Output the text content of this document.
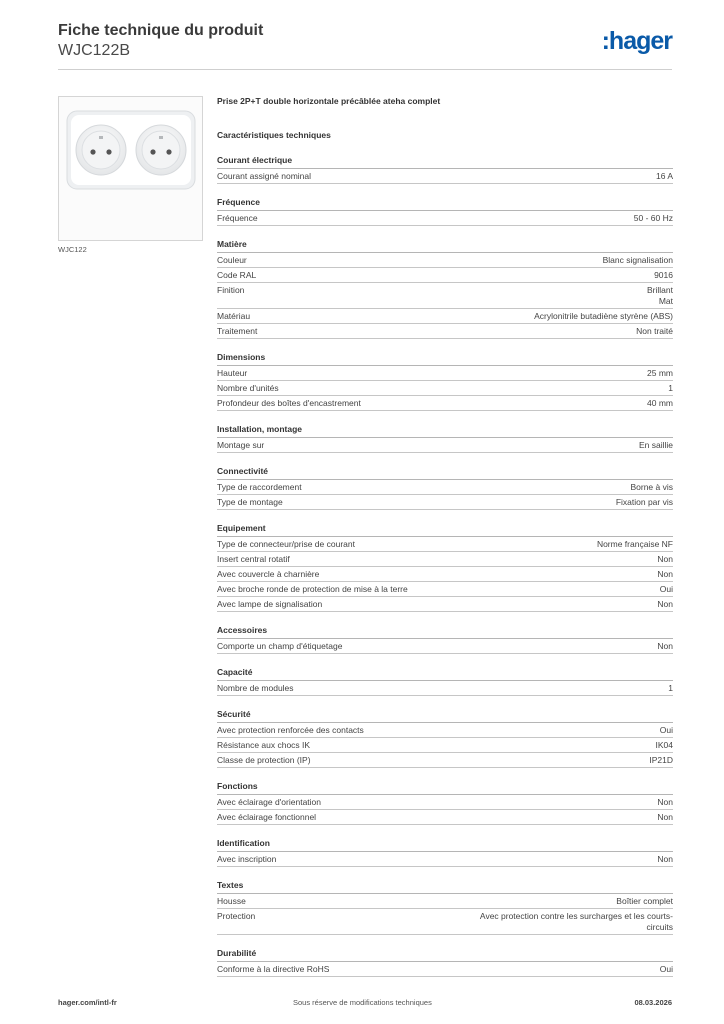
Fiche technique du produit
WJC122B	:hager
WJC122
Prise 2P+T double horizontale précâblée ateha complet
Caractéristiques techniques
Courant électrique
Courant assigné nominal	16 A
Fréquence
Fréquence	50 - 60 Hz
Matière
Couleur	Blanc signalisation
Code RAL	9016
Finition	Brillant
Mat
Matériau	Acrylonitrile butadiène styrène (ABS)
Traitement	Non traité
Dimensions
Hauteur	25 mm
Nombre d'unités	1
Profondeur des boîtes d'encastrement	40 mm
Installation, montage
Montage sur	En saillie
Connectivité
Type de raccordement	Borne à vis
Type de montage	Fixation par vis
Equipement
Type de connecteur/prise de courant	Norme française NF
Insert central rotatif	Non
Avec couvercle à charnière	Non
Avec broche ronde de protection de mise à la terre	Oui
Avec lampe de signalisation	Non
Accessoires
Comporte un champ d'étiquetage	Non
Capacité
Nombre de modules	1
Sécurité
Avec protection renforcée des contacts	Oui
Résistance aux chocs IK	IK04
Classe de protection (IP)	IP21D
Fonctions
Avec éclairage d'orientation	Non
Avec éclairage fonctionnel	Non
Identification
Avec inscription	Non
Textes
Housse	Boîtier complet
Protection	Avec protection contre les surcharges et les courts-
circuits
Durabilité
Conforme à la directive RoHS	Oui
hager.com/intl-fr	Sous réserve de modifications techniques	08.03.2026
